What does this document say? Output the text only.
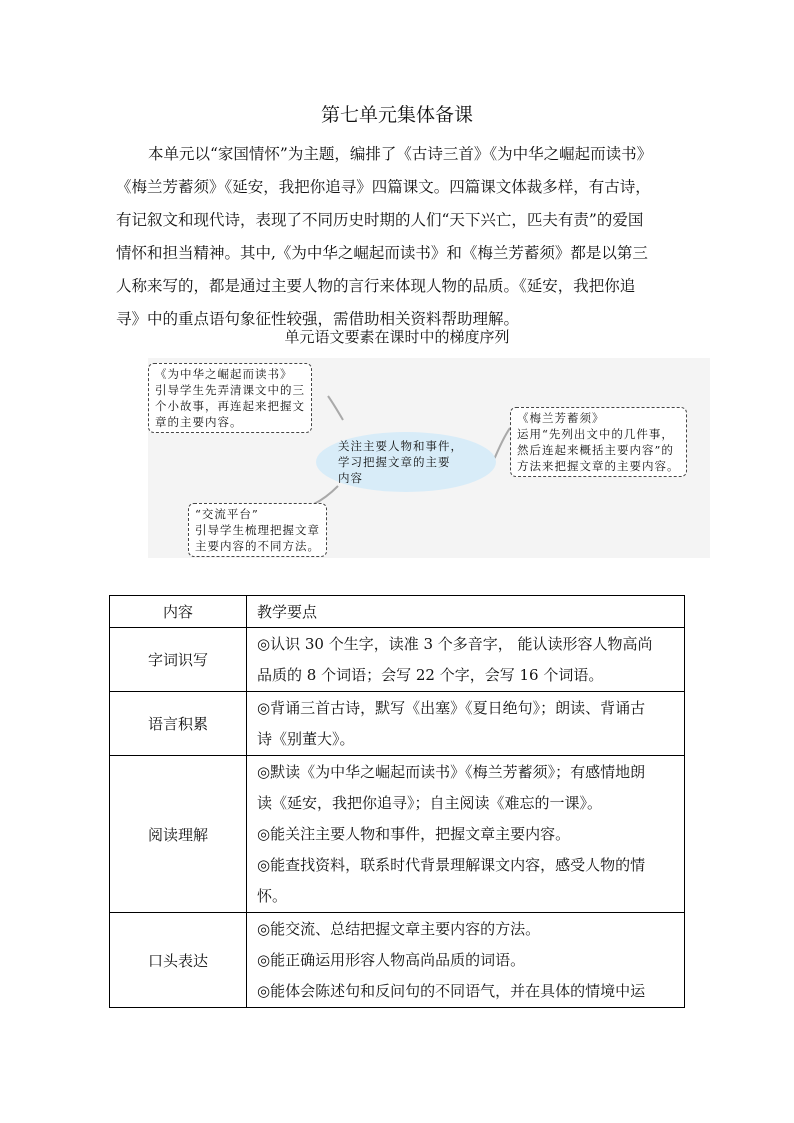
第七单元集体备课
本单元以“家国情怀”为主题，编排了《古诗三首》《为中华之崛起而读书》
《梅兰芳蓄须》《延安，我把你追寻》四篇课文。四篇课文体裁多样，有古诗，
有记叙文和现代诗，表现了不同历史时期的人们“天下兴亡，匹夫有责”的爱国
情怀和担当精神。其中,《为中华之崛起而读书》和《梅兰芳蓄须》都是以第三
人称来写的，都是通过主要人物的言行来体现人物的品质。《延安，我把你追
寻》中的重点语句象征性较强，需借助相关资料帮助理解。
单元语文要素在课时中的梯度序列
关注主要人物和事件，
学习把握文章的主要
内容
《为中华之崛起而读书》
引导学生先弄清课文中的三
个小故事，再连起来把握文
章的主要内容。	《梅兰芳蓄须》
运用“先列出文中的几件事，
然后连起来概括主要内容”的
方法来把握文章的主要内容。
“交流平台”
引导学生梳理把握文章
主要内容的不同方法。
内容	教学要点
字词识写	◎认识 30 个生字，读准 3 个多音字， 能认读形容人物高尚
品质的 8 个词语；会写 22 个字，会写 16 个词语。

语言积累	◎背诵三首古诗，默写《出塞》《夏日绝句》；朗读、背诵古
诗《别董大》。

阅读理解	◎默读《为中华之崛起而读书》《梅兰芳蓄须》；有感情地朗
读《延安，我把你追寻》；自主阅读《难忘的一课》。
◎能关注主要人物和事件，把握文章主要内容。
◎能查找资料，联系时代背景理解课文内容，感受人物的情
怀。

口头表达	◎能交流、总结把握文章主要内容的方法。
◎能正确运用形容人物高尚品质的词语。
◎能体会陈述句和反问句的不同语气，并在具体的情境中运
